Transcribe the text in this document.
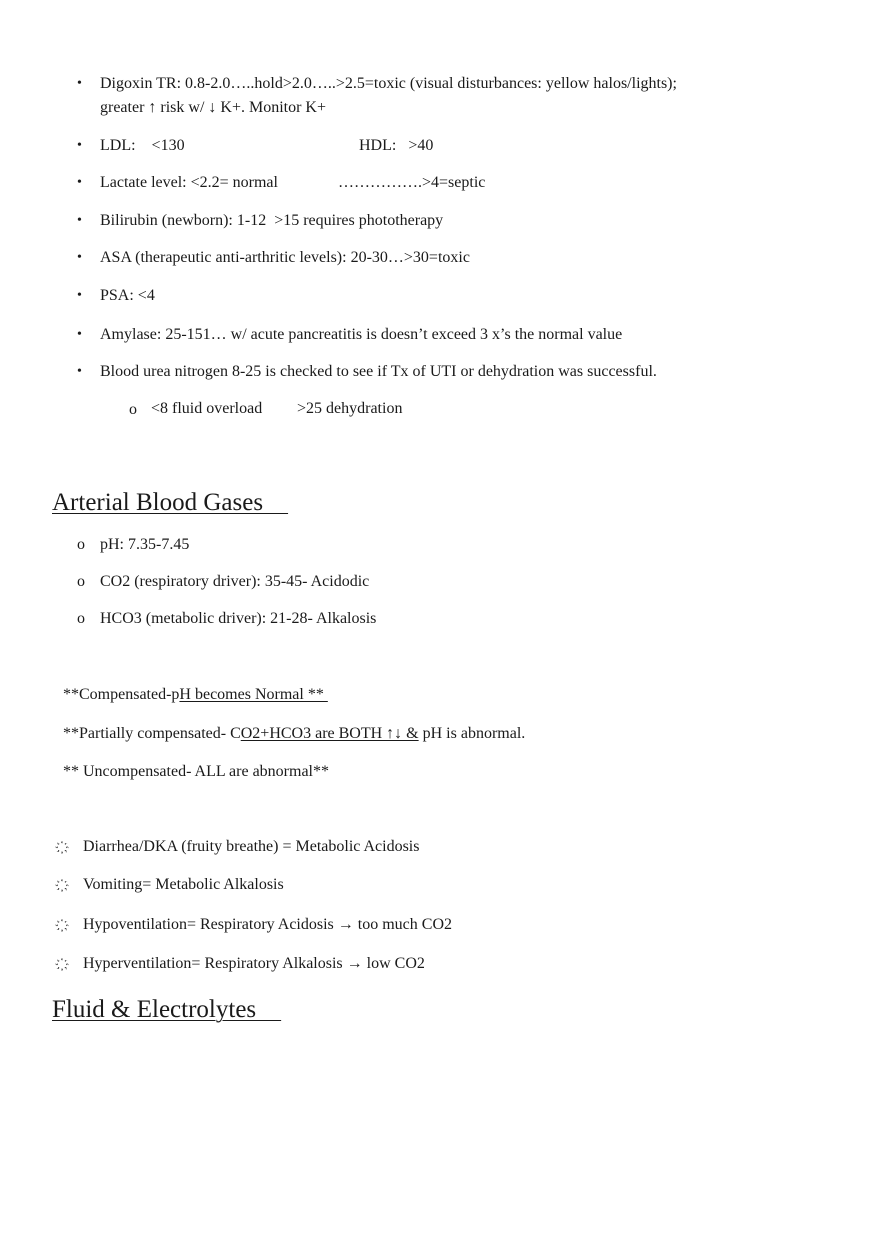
• Digoxin TR: 0.8-2.0…..hold>2.0…..>2.5=toxic (visual disturbances: yellow halos/lights);
greater ↑ risk w/ ↓ K+. Monitor K+
• LDL:    <130	HDL:   >40
• Lactate level: <2.2= normal	…………….>4=septic
• Bilirubin (newborn): 1-12  >15 requires phototherapy
• ASA (therapeutic anti-arthritic levels): 20-30…>30=toxic
• PSA: <4
• Amylase: 25-151… w/ acute pancreatitis is doesn’t exceed 3 x’s the normal value
• Blood urea nitrogen 8-25 is checked to see if Tx of UTI or dehydration was successful.
o <8 fluid overload >25 dehydration
Arterial Blood Gases
o pH: 7.35-7.45
o CO2 (respiratory driver): 35-45- Acidodic
o HCO3 (metabolic driver): 21-28- Alkalosis
**Compensated-pH becomes Normal **
**Partially compensated- CO2+HCO3 are BOTH ↑↓ & pH is abnormal.
** Uncompensated- ALL are abnormal**
Diarrhea/DKA (fruity breathe) = Metabolic Acidosis
Vomiting= Metabolic Alkalosis
Hypoventilation= Respiratory Acidosis → too much CO2
Hyperventilation= Respiratory Alkalosis → low CO2
Fluid & Electrolytes
